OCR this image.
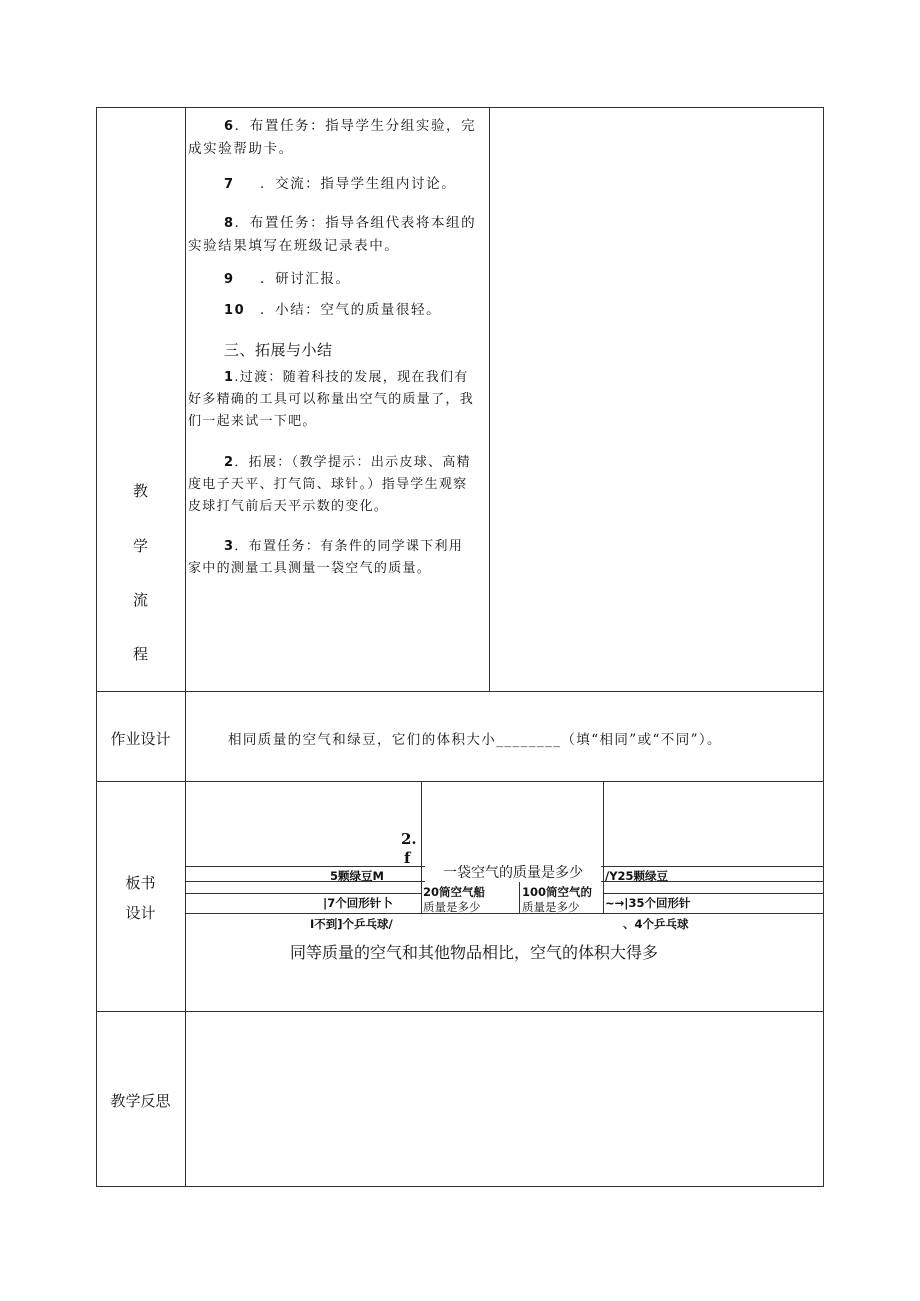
教
学
流
程
6．布置任务：指导学生分组实验，完
成实验帮助卡。
7 ．交流：指导学生组内讨论。
8．布置任务：指导各组代表将本组的
实验结果填写在班级记录表中。
9 ．研讨汇报。
10 ．小结：空气的质量很轻。
三、拓展与小结
1.过渡：随着科技的发展，现在我们有
好多精确的工具可以称量出空气的质量了，我
们一起来试一下吧。
2．拓展：（教学提示：出示皮球、高精
度电子天平、打气筒、球针。）指导学生观察
皮球打气前后天平示数的变化。
3．布置任务：有条件的同学课下利用
家中的测量工具测量一袋空气的质量。
作业设计	相同质量的空气和绿豆，它们的体积大小________（填“相同”或“不同”）。
板书
设计
2.
f
一袋空气的质量是多少
5颗绿豆M
|7个回形针卜
20筒空气船
质量是多少
100筒空气的
质量是多少
/Y25颗绿豆
~→|35个回形针
I不到]个乒乓球/	、4个乒乓球
同等质量的空气和其他物品相比，空气的体积大得多
教学反思
